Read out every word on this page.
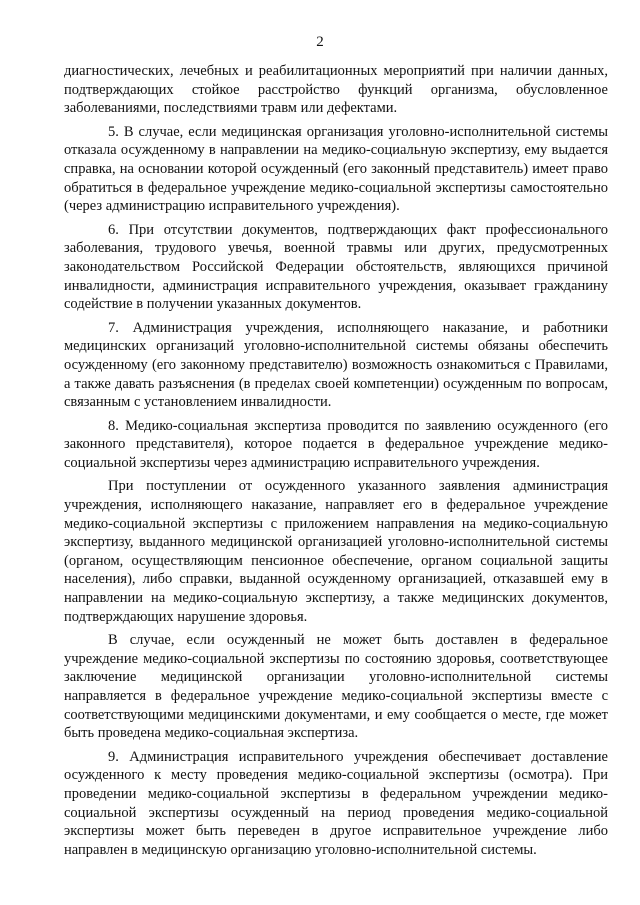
2

диагностических, лечебных и реабилитационных мероприятий при наличии данных, подтверждающих стойкое расстройство функций организма, обусловленное заболеваниями, последствиями травм или дефектами.

5. В случае, если медицинская организация уголовно-исполнительной системы отказала осужденному в направлении на медико-социальную экспертизу, ему выдается справка, на основании которой осужденный (его законный представитель) имеет право обратиться в федеральное учреждение медико-социальной экспертизы самостоятельно (через администрацию исправительного учреждения).

6. При отсутствии документов, подтверждающих факт профессионального заболевания, трудового увечья, военной травмы или других, предусмотренных законодательством Российской Федерации обстоятельств, являющихся причиной инвалидности, администрация исправительного учреждения, оказывает гражданину содействие в получении указанных документов.

7. Администрация учреждения, исполняющего наказание, и работники медицинских организаций уголовно-исполнительной системы обязаны обеспечить осужденному (его законному представителю) возможность ознакомиться с Правилами, а также давать разъяснения (в пределах своей компетенции) осужденным по вопросам, связанным с установлением инвалидности.

8. Медико-социальная экспертиза проводится по заявлению осужденного (его законного представителя), которое подается в федеральное учреждение медико-социальной экспертизы через администрацию исправительного учреждения.

При поступлении от осужденного указанного заявления администрация учреждения, исполняющего наказание, направляет его в федеральное учреждение медико-социальной экспертизы с приложением направления на медико-социальную экспертизу, выданного медицинской организацией уголовно-исполнительной системы (органом, осуществляющим пенсионное обеспечение, органом социальной защиты населения), либо справки, выданной осужденному организацией, отказавшей ему в направлении на медико-социальную экспертизу, а также медицинских документов, подтверждающих нарушение здоровья.

В случае, если осужденный не может быть доставлен в федеральное учреждение медико-социальной экспертизы по состоянию здоровья, соответствующее заключение медицинской организации уголовно-исполнительной системы направляется в федеральное учреждение медико-социальной экспертизы вместе с соответствующими медицинскими документами, и ему сообщается о месте, где может быть проведена медико-социальная экспертиза.

9. Администрация исправительного учреждения обеспечивает доставление осужденного к месту проведения медико-социальной экспертизы (осмотра). При проведении медико-социальной экспертизы в федеральном учреждении медико-социальной экспертизы осужденный на период проведения медико-социальной экспертизы может быть переведен в другое исправительное учреждение либо направлен в медицинскую организацию уголовно-исполнительной системы.
